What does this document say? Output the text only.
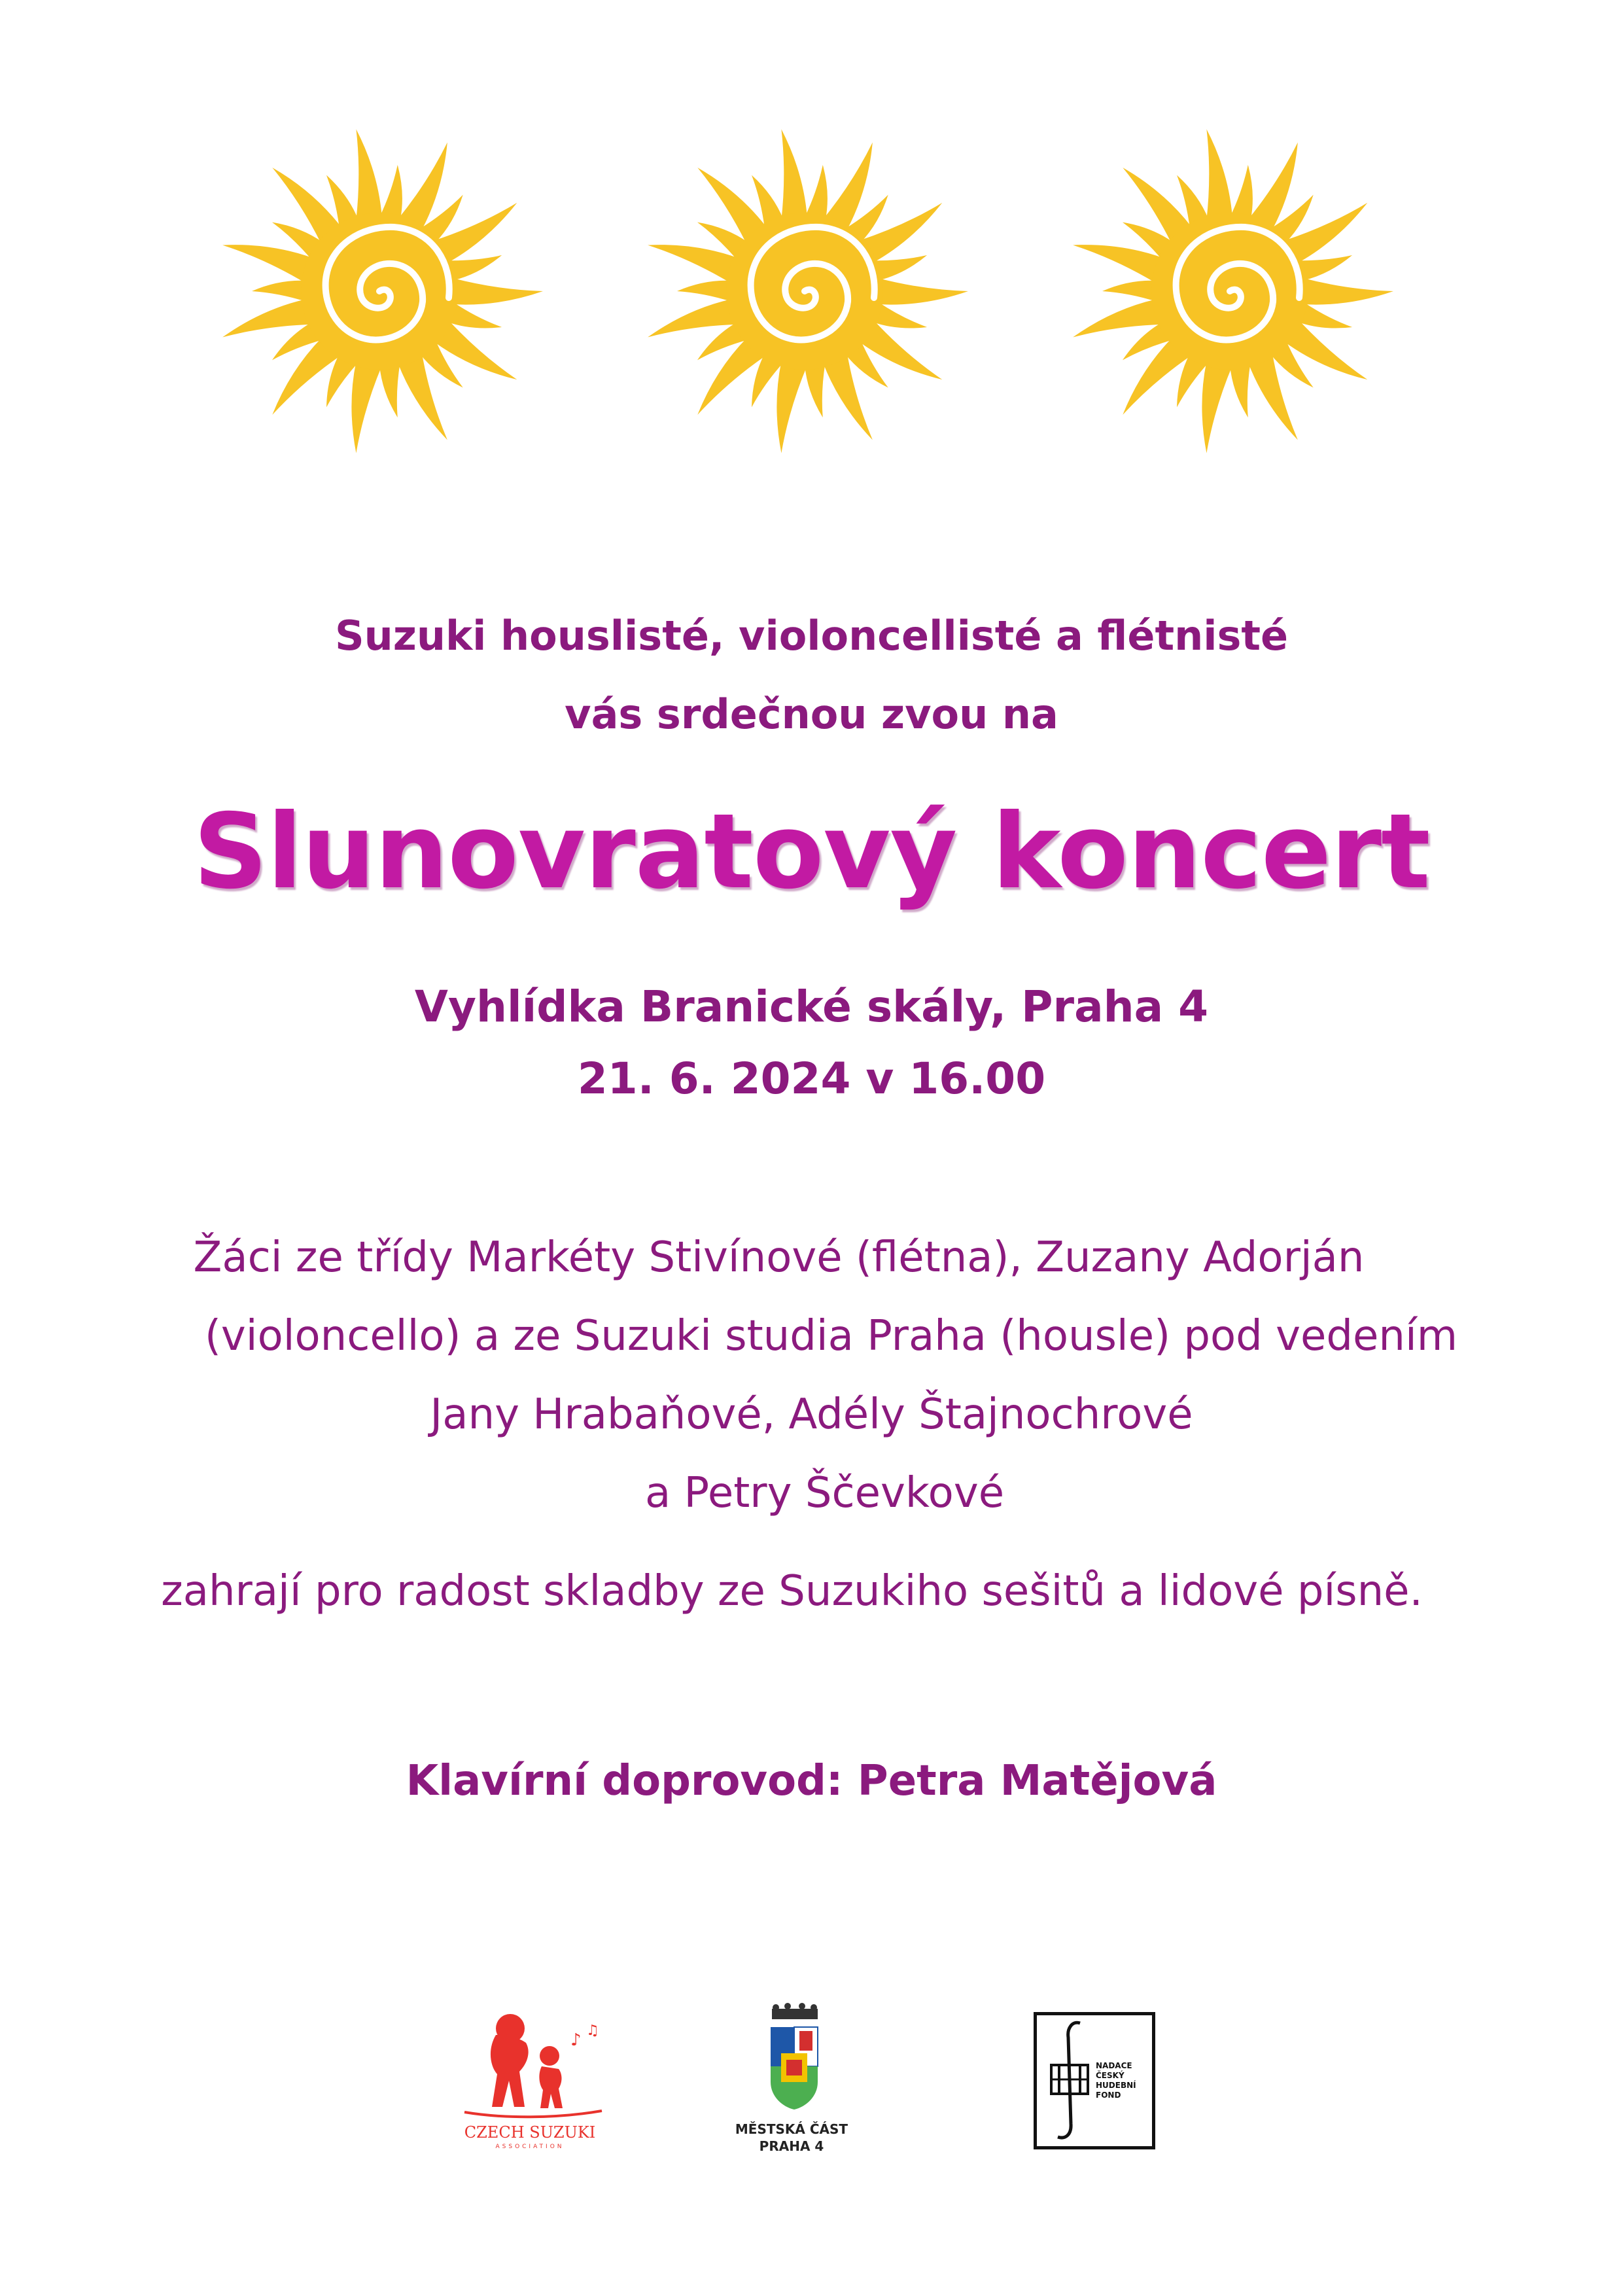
Suzuki houslisté, violoncellisté a flétnisté
vás srdečnou zvou na
Slunovratový koncert
Vyhlídka Branické skály, Praha 4
21. 6. 2024 v 16.00
Žáci ze třídy Markéty Stivínové (flétna), Zuzany Adorján
(violoncello) a ze Suzuki studia Praha (housle) pod vedením
Jany Hrabaňové, Adély Štajnochrové
a Petry Ščevkové
zahrají pro radost skladby ze Suzukiho sešitů a lidové písně.
Klavírní doprovod: Petra Matějová
♪ ♫
CZECH SUZUKI
ASSOCIATION
MĚSTSKÁ ČÁST
PRAHA 4
NADACE
ČESKÝ
HUDEBNÍ
FOND
